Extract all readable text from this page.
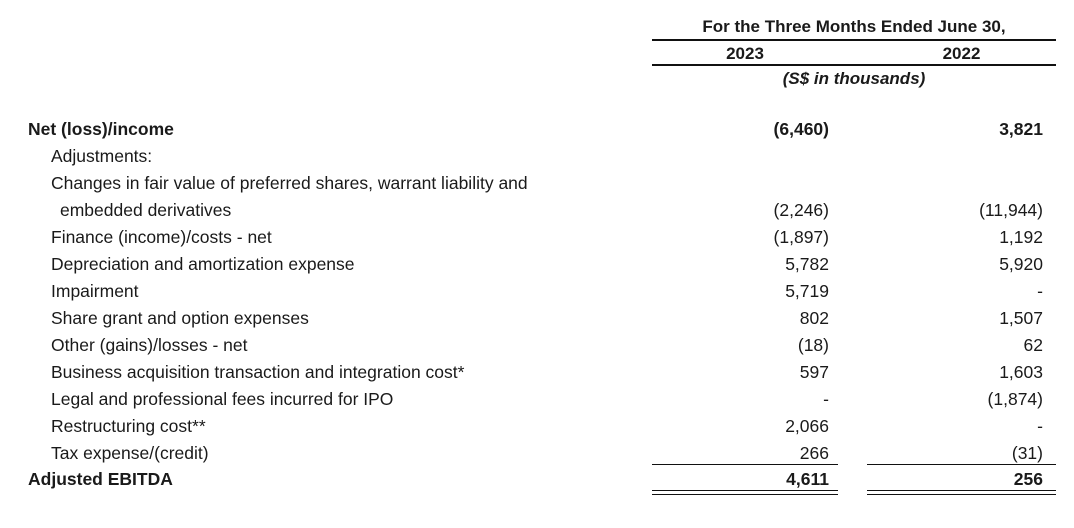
For the Three Months Ended June 30,
2023	2022
(S$ in thousands)
Net (loss)/income	(6,460)	3,821
Adjustments:
Changes in fair value of preferred shares, warrant liability and
embedded derivatives	(2,246)	(11,944)
Finance (income)/costs - net	(1,897)	1,192
Depreciation and amortization expense	5,782	5,920
Impairment	5,719	-
Share grant and option expenses	802	1,507
Other (gains)/losses - net	(18)	62
Business acquisition transaction and integration cost*	597	1,603
Legal and professional fees incurred for IPO	-	(1,874)
Restructuring cost**	2,066	-
Tax expense/(credit)	266	(31)
Adjusted EBITDA	4,611	256
